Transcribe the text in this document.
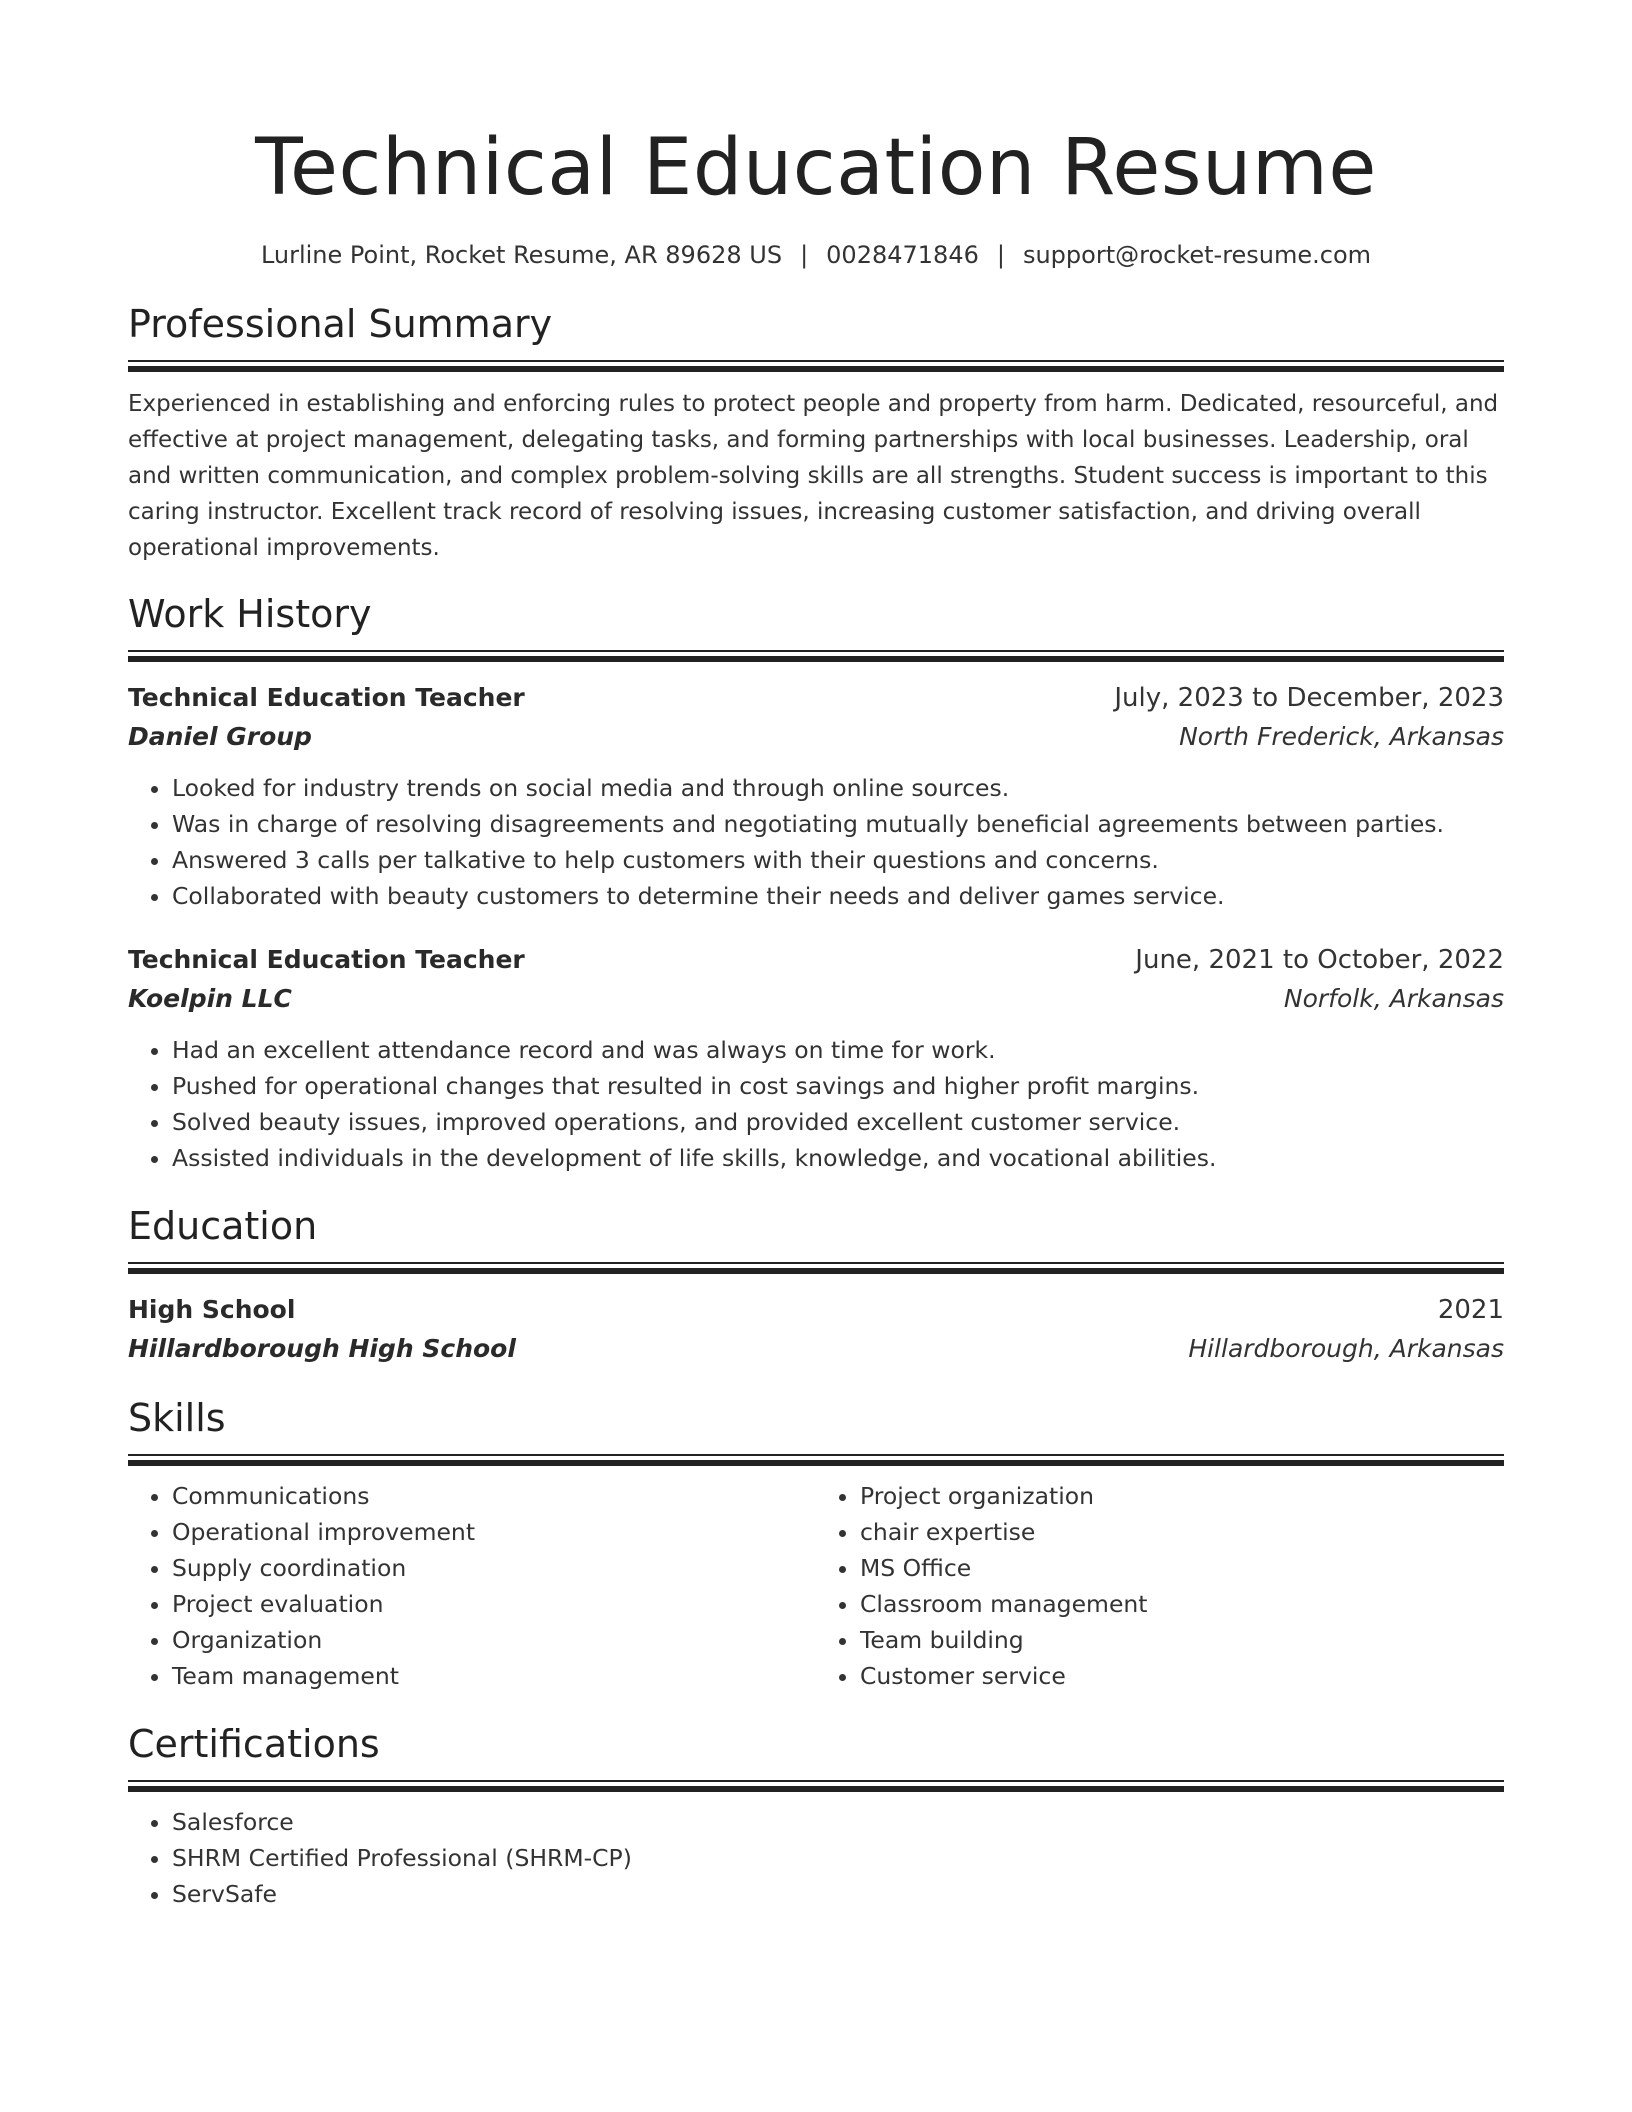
Technical Education Resume
Lurline Point, Rocket Resume, AR 89628 US | 0028471846 | support@rocket-resume.com
Professional Summary

Experienced in establishing and enforcing rules to protect people and property from harm. Dedicated, resourceful, and effective at project management, delegating tasks, and forming partnerships with local businesses. Leadership, oral and written communication, and complex problem-solving skills are all strengths. Student success is important to this caring instructor. Excellent track record of resolving issues, increasing customer satisfaction, and driving overall operational improvements.

Work History
Technical Education Teacher	July, 2023 to December, 2023
Daniel Group	North Frederick, Arkansas
• Looked for industry trends on social media and through online sources.
• Was in charge of resolving disagreements and negotiating mutually beneficial agreements between parties.
• Answered 3 calls per talkative to help customers with their questions and concerns.
• Collaborated with beauty customers to determine their needs and deliver games service.
Technical Education Teacher	June, 2021 to October, 2022
Koelpin LLC	Norfolk, Arkansas
• Had an excellent attendance record and was always on time for work.
• Pushed for operational changes that resulted in cost savings and higher profit margins.
• Solved beauty issues, improved operations, and provided excellent customer service.
• Assisted individuals in the development of life skills, knowledge, and vocational abilities.
Education
High School	2021
Hillardborough High School	Hillardborough, Arkansas
Skills
• Communications
• Operational improvement
• Supply coordination
• Project evaluation
• Organization
• Team management
• Project organization
• chair expertise
• MS Office
• Classroom management
• Team building
• Customer service
Certifications
• Salesforce
• SHRM Certified Professional (SHRM-CP)
• ServSafe
